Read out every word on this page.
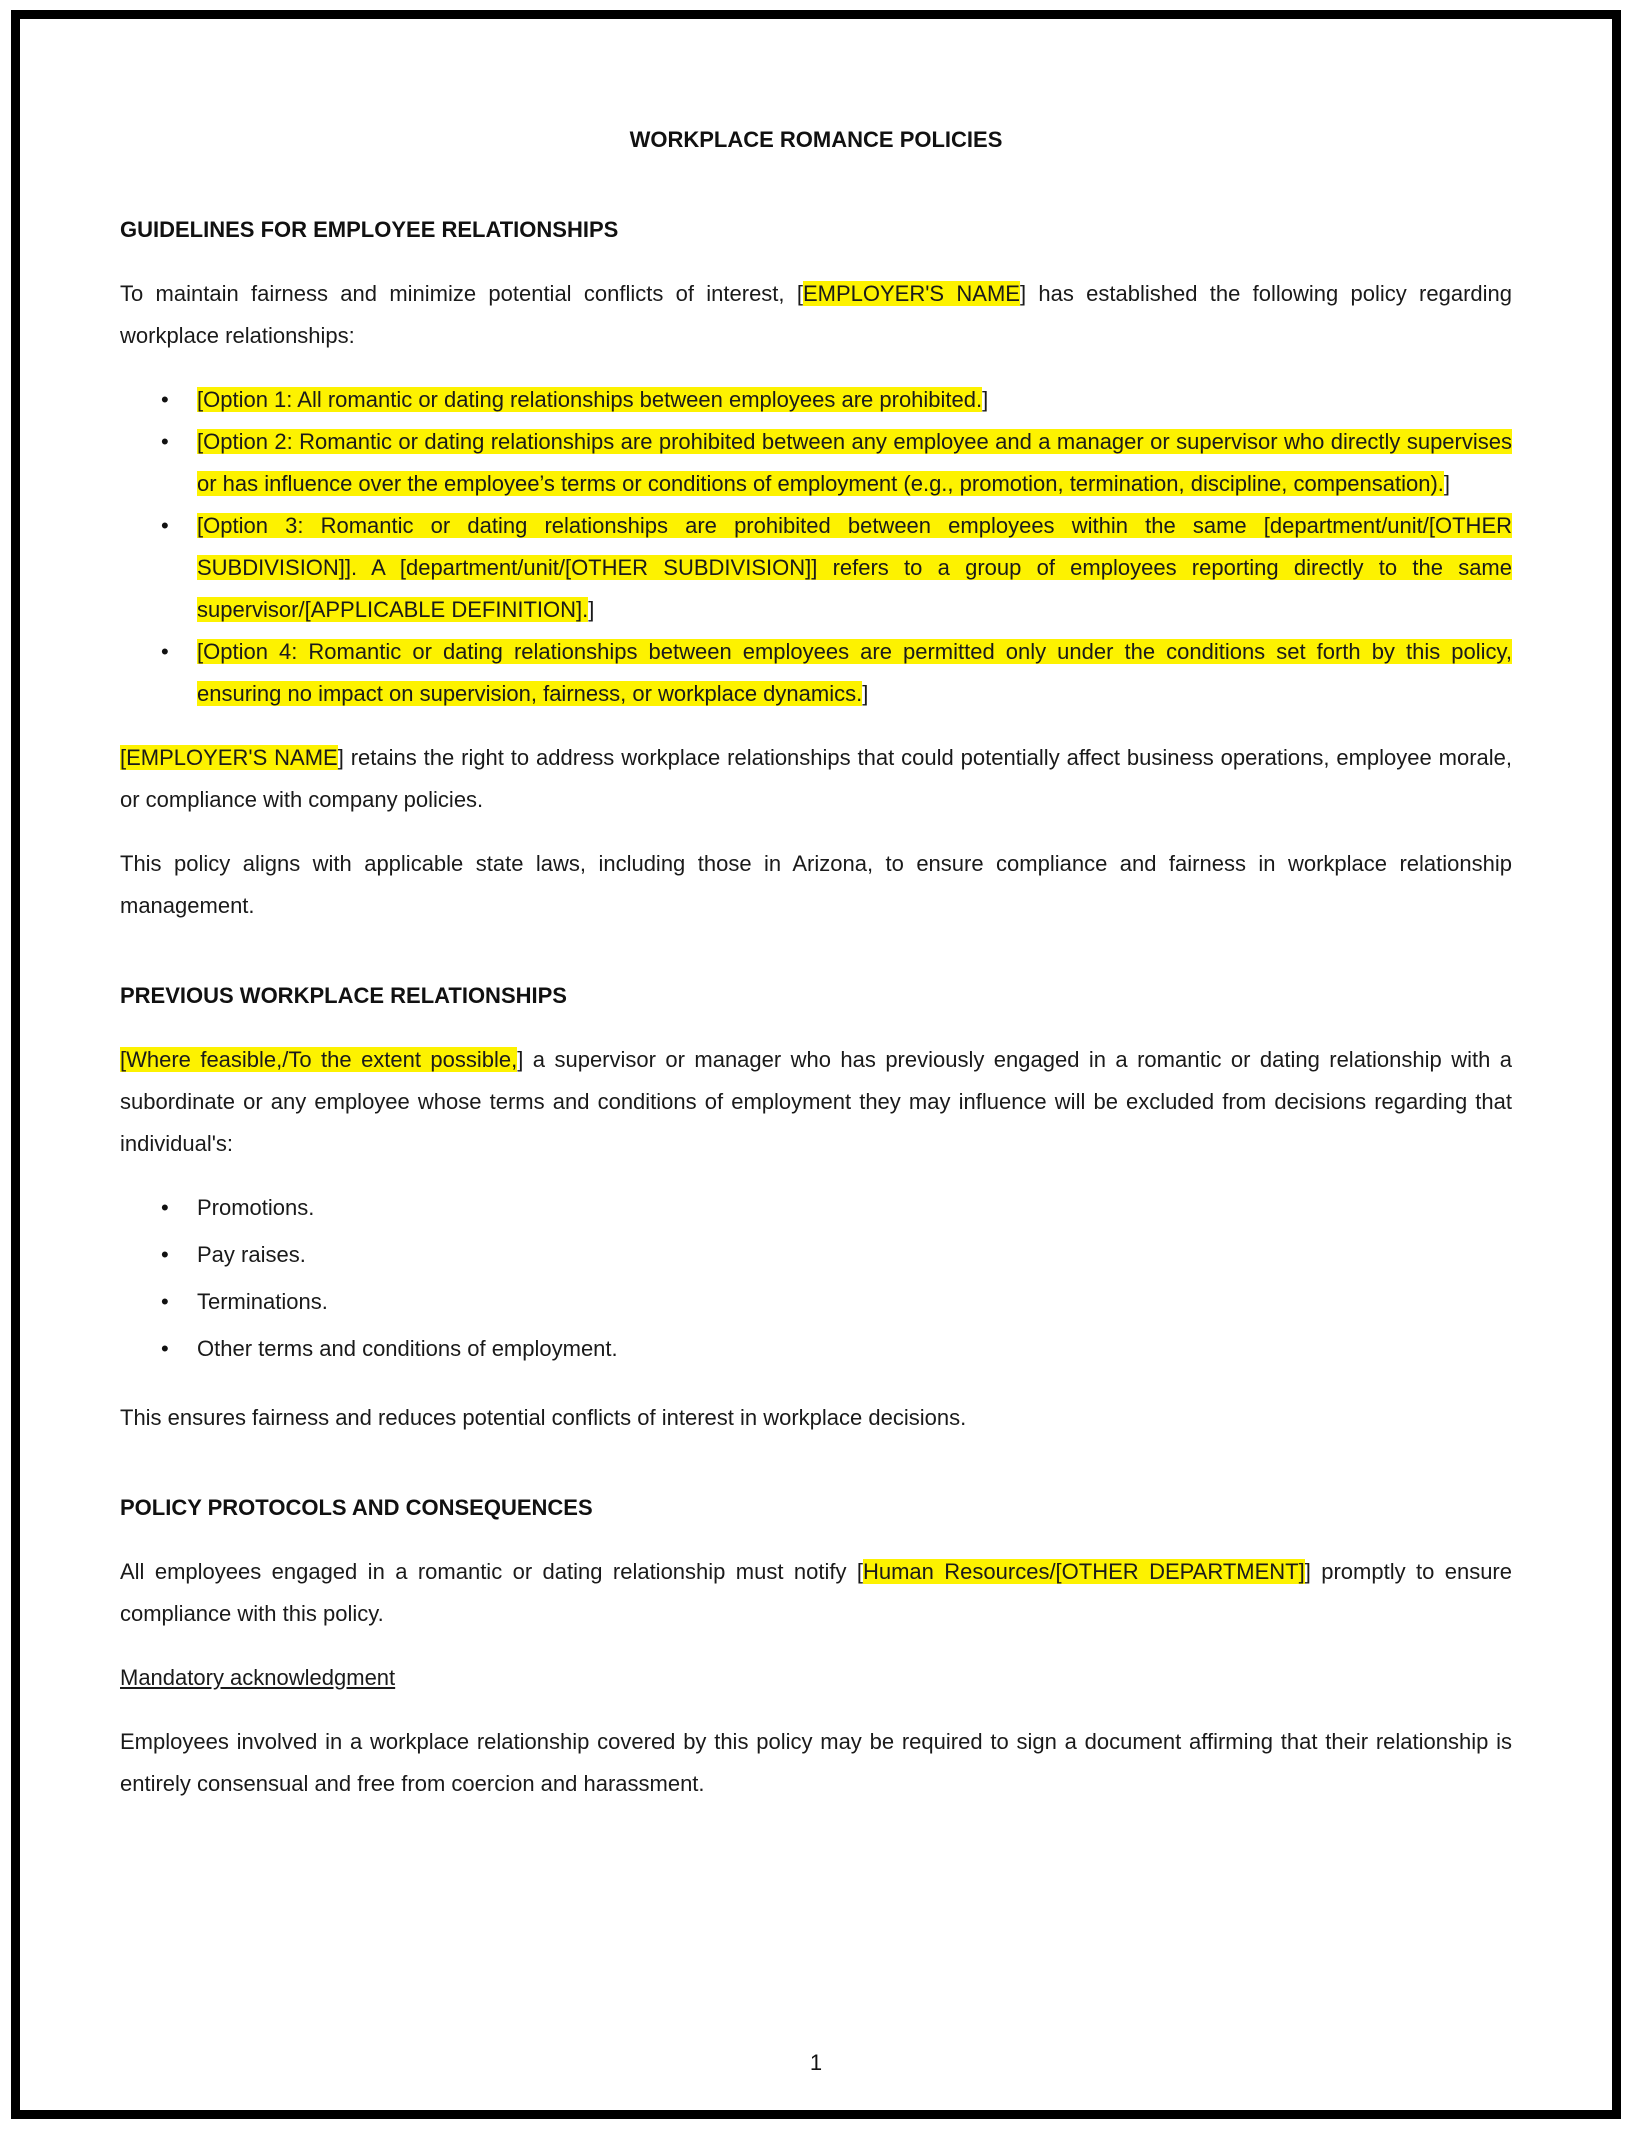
WORKPLACE ROMANCE POLICIES
GUIDELINES FOR EMPLOYEE RELATIONSHIPS

To maintain fairness and minimize potential conflicts of interest, [EMPLOYER'S NAME] has established the following policy regarding workplace relationships:

• [Option 1: All romantic or dating relationships between employees are prohibited.]
• [Option 2: Romantic or dating relationships are prohibited between any employee and a manager or supervisor who directly supervises or has influence over the employee’s terms or conditions of employment (e.g., promotion, termination, discipline, compensation).]
• [Option 3: Romantic or dating relationships are prohibited between employees within the same [department/unit/[OTHER SUBDIVISION]]. A [department/unit/[OTHER SUBDIVISION]] refers to a group of employees reporting directly to the same supervisor/[APPLICABLE DEFINITION].]
• [Option 4: Romantic or dating relationships between employees are permitted only under the conditions set forth by this policy, ensuring no impact on supervision, fairness, or workplace dynamics.]

[EMPLOYER'S NAME] retains the right to address workplace relationships that could potentially affect business operations, employee morale, or compliance with company policies.

This policy aligns with applicable state laws, including those in Arizona, to ensure compliance and fairness in workplace relationship management.

PREVIOUS WORKPLACE RELATIONSHIPS

[Where feasible,/To the extent possible,] a supervisor or manager who has previously engaged in a romantic or dating relationship with a subordinate or any employee whose terms and conditions of employment they may influence will be excluded from decisions regarding that individual's:

• Promotions.
• Pay raises.
• Terminations.
• Other terms and conditions of employment.

This ensures fairness and reduces potential conflicts of interest in workplace decisions.

POLICY PROTOCOLS AND CONSEQUENCES

All employees engaged in a romantic or dating relationship must notify [Human Resources/[OTHER DEPARTMENT]] promptly to ensure compliance with this policy.

Mandatory acknowledgment

Employees involved in a workplace relationship covered by this policy may be required to sign a document affirming that their relationship is entirely consensual and free from coercion and harassment.

1
